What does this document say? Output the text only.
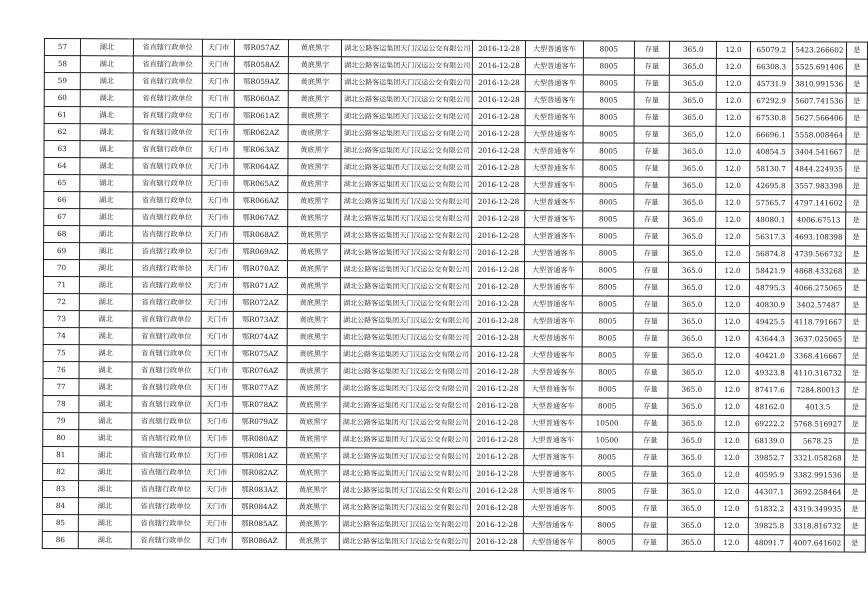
57	湖北	省直辖行政单位	天门市	鄂R057AZ	黄底黑字	湖北公路客运集团天门汉运公交有限公司	2016-12-28	大型普通客车	8005	存量	365.0	12.0	65079.2	5423.266602	是
58	湖北	省直辖行政单位	天门市	鄂R058AZ	黄底黑字	湖北公路客运集团天门汉运公交有限公司	2016-12-28	大型普通客车	8005	存量	365.0	12.0	66308.3	5525.691406	是
59	湖北	省直辖行政单位	天门市	鄂R059AZ	黄底黑字	湖北公路客运集团天门汉运公交有限公司	2016-12-28	大型普通客车	8005	存量	365.0	12.0	45731.9	3810.991536	是
60	湖北	省直辖行政单位	天门市	鄂R060AZ	黄底黑字	湖北公路客运集团天门汉运公交有限公司	2016-12-28	大型普通客车	8005	存量	365.0	12.0	67292.9	5607.741536	是
61	湖北	省直辖行政单位	天门市	鄂R061AZ	黄底黑字	湖北公路客运集团天门汉运公交有限公司	2016-12-28	大型普通客车	8005	存量	365.0	12.0	67530.8	5627.566406	是
62	湖北	省直辖行政单位	天门市	鄂R062AZ	黄底黑字	湖北公路客运集团天门汉运公交有限公司	2016-12-28	大型普通客车	8005	存量	365.0	12.0	66696.1	5558.008464	是
63	湖北	省直辖行政单位	天门市	鄂R063AZ	黄底黑字	湖北公路客运集团天门汉运公交有限公司	2016-12-28	大型普通客车	8005	存量	365.0	12.0	40854.5	3404.541667	是
64	湖北	省直辖行政单位	天门市	鄂R064AZ	黄底黑字	湖北公路客运集团天门汉运公交有限公司	2016-12-28	大型普通客车	8005	存量	365.0	12.0	58130.7	4844.224935	是
65	湖北	省直辖行政单位	天门市	鄂R065AZ	黄底黑字	湖北公路客运集团天门汉运公交有限公司	2016-12-28	大型普通客车	8005	存量	365.0	12.0	42695.8	3557.983398	是
66	湖北	省直辖行政单位	天门市	鄂R066AZ	黄底黑字	湖北公路客运集团天门汉运公交有限公司	2016-12-28	大型普通客车	8005	存量	365.0	12.0	57565.7	4797.141602	是
67	湖北	省直辖行政单位	天门市	鄂R067AZ	黄底黑字	湖北公路客运集团天门汉运公交有限公司	2016-12-28	大型普通客车	8005	存量	365.0	12.0	48080.1	4006.67513	是
68	湖北	省直辖行政单位	天门市	鄂R068AZ	黄底黑字	湖北公路客运集团天门汉运公交有限公司	2016-12-28	大型普通客车	8005	存量	365.0	12.0	56317.3	4693.108398	是
69	湖北	省直辖行政单位	天门市	鄂R069AZ	黄底黑字	湖北公路客运集团天门汉运公交有限公司	2016-12-28	大型普通客车	8005	存量	365.0	12.0	56874.8	4739.566732	是
70	湖北	省直辖行政单位	天门市	鄂R070AZ	黄底黑字	湖北公路客运集团天门汉运公交有限公司	2016-12-28	大型普通客车	8005	存量	365.0	12.0	58421.9	4868.433268	是
71	湖北	省直辖行政单位	天门市	鄂R071AZ	黄底黑字	湖北公路客运集团天门汉运公交有限公司	2016-12-28	大型普通客车	8005	存量	365.0	12.0	48795.3	4066.275065	是
72	湖北	省直辖行政单位	天门市	鄂R072AZ	黄底黑字	湖北公路客运集团天门汉运公交有限公司	2016-12-28	大型普通客车	8005	存量	365.0	12.0	40830.9	3402.57487	是
73	湖北	省直辖行政单位	天门市	鄂R073AZ	黄底黑字	湖北公路客运集团天门汉运公交有限公司	2016-12-28	大型普通客车	8005	存量	365.0	12.0	49425.5	4118.791667	是
74	湖北	省直辖行政单位	天门市	鄂R074AZ	黄底黑字	湖北公路客运集团天门汉运公交有限公司	2016-12-28	大型普通客车	8005	存量	365.0	12.0	43644.3	3637.025065	是
75	湖北	省直辖行政单位	天门市	鄂R075AZ	黄底黑字	湖北公路客运集团天门汉运公交有限公司	2016-12-28	大型普通客车	8005	存量	365.0	12.0	40421.0	3368.416667	是
76	湖北	省直辖行政单位	天门市	鄂R076AZ	黄底黑字	湖北公路客运集团天门汉运公交有限公司	2016-12-28	大型普通客车	8005	存量	365.0	12.0	49323.8	4110.316732	是
77	湖北	省直辖行政单位	天门市	鄂R077AZ	黄底黑字	湖北公路客运集团天门汉运公交有限公司	2016-12-28	大型普通客车	8005	存量	365.0	12.0	87417.6	7284.80013	是
78	湖北	省直辖行政单位	天门市	鄂R078AZ	黄底黑字	湖北公路客运集团天门汉运公交有限公司	2016-12-28	大型普通客车	8005	存量	365.0	12.0	48162.0	4013.5	是
79	湖北	省直辖行政单位	天门市	鄂R079AZ	黄底黑字	湖北公路客运集团天门汉运公交有限公司	2016-12-28	大型普通客车	10500	存量	365.0	12.0	69222.2	5768.516927	是
80	湖北	省直辖行政单位	天门市	鄂R080AZ	黄底黑字	湖北公路客运集团天门汉运公交有限公司	2016-12-28	大型普通客车	10500	存量	365.0	12.0	68139.0	5678.25	是
81	湖北	省直辖行政单位	天门市	鄂R081AZ	黄底黑字	湖北公路客运集团天门汉运公交有限公司	2016-12-28	大型普通客车	8005	存量	365.0	12.0	39852.7	3321.058268	是
82	湖北	省直辖行政单位	天门市	鄂R082AZ	黄底黑字	湖北公路客运集团天门汉运公交有限公司	2016-12-28	大型普通客车	8005	存量	365.0	12.0	40595.9	3382.991536	是
83	湖北	省直辖行政单位	天门市	鄂R083AZ	黄底黑字	湖北公路客运集团天门汉运公交有限公司	2016-12-28	大型普通客车	8005	存量	365.0	12.0	44307.1	3692.258464	是
84	湖北	省直辖行政单位	天门市	鄂R084AZ	黄底黑字	湖北公路客运集团天门汉运公交有限公司	2016-12-28	大型普通客车	8005	存量	365.0	12.0	51832.2	4319.349935	是
85	湖北	省直辖行政单位	天门市	鄂R085AZ	黄底黑字	湖北公路客运集团天门汉运公交有限公司	2016-12-28	大型普通客车	8005	存量	365.0	12.0	39825.8	3318.816732	是
86	湖北	省直辖行政单位	天门市	鄂R086AZ	黄底黑字	湖北公路客运集团天门汉运公交有限公司	2016-12-28	大型普通客车	8005	存量	365.0	12.0	48091.7	4007.641602	是
